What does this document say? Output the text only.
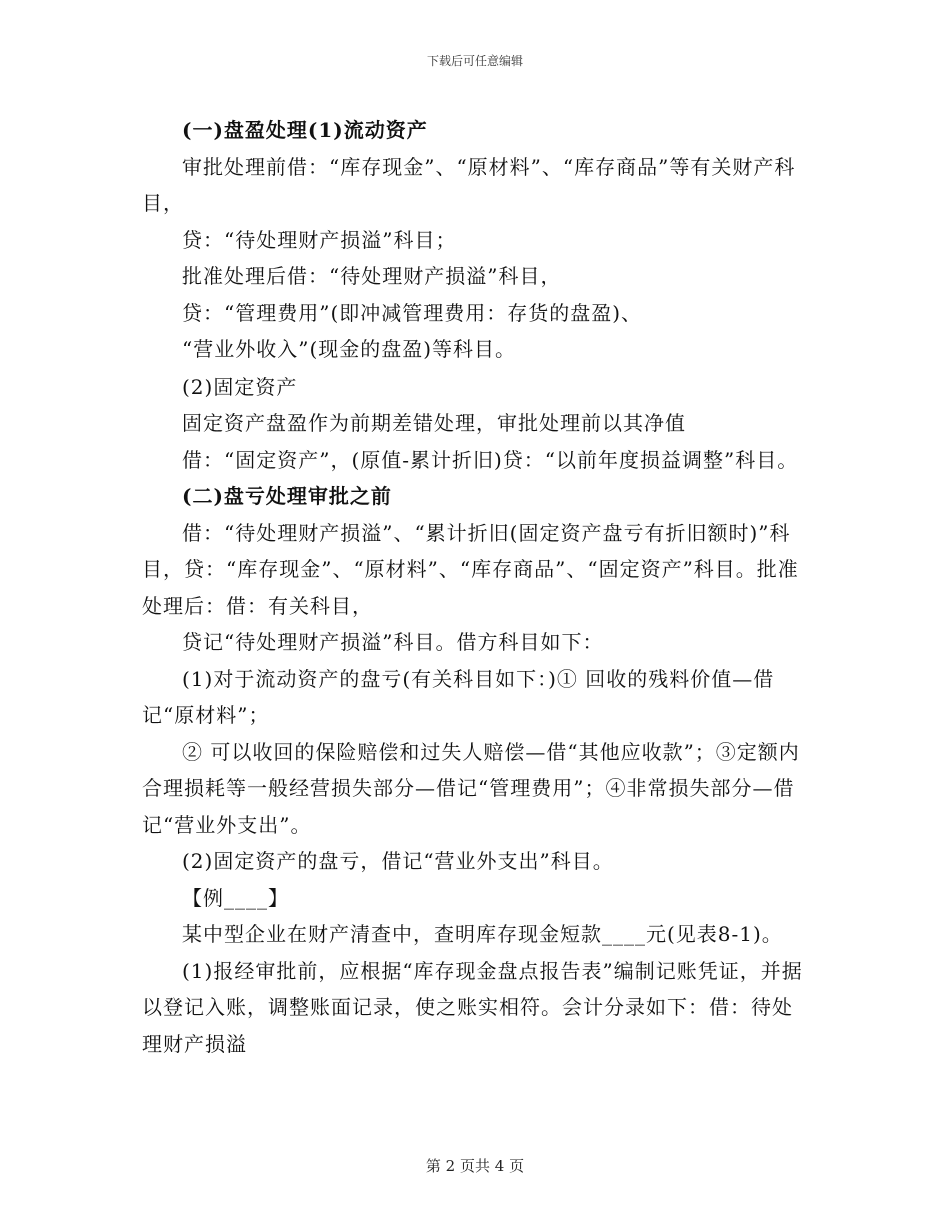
下载后可任意编辑

(一)盘盈处理(1)流动资产

审批处理前借：“库存现金”、“原材料”、“库存商品”等有关财产科目，

贷：“待处理财产损溢”科目；

批准处理后借：“待处理财产损溢”科目，

贷：“管理费用”(即冲减管理费用：存货的盘盈)、

“营业外收入”(现金的盘盈)等科目。

(2)固定资产

固定资产盘盈作为前期差错处理，审批处理前以其净值

借：“固定资产”，(原值-累计折旧)贷：“以前年度损益调整”科目。

(二)盘亏处理审批之前

借：“待处理财产损溢”、“累计折旧(固定资产盘亏有折旧额时)”科目，贷：“库存现金”、“原材料”、“库存商品”、“固定资产”科目。批准处理后：借：有关科目，

贷记“待处理财产损溢”科目。借方科目如下：

(1)对于流动资产的盘亏(有关科目如下：)① 回收的残料价值—借记“原材料”；

② 可以收回的保险赔偿和过失人赔偿—借“其他应收款”；③定额内合理损耗等一般经营损失部分—借记“管理费用”；④非常损失部分—借记“营业外支出”。

(2)固定资产的盘亏，借记“营业外支出”科目。

【例____】

某中型企业在财产清查中，查明库存现金短款____元(见表8-1)。

(1)报经审批前，应根据“库存现金盘点报告表”编制记账凭证，并据以登记入账，调整账面记录，使之账实相符。会计分录如下：借：待处理财产损溢

第 2 页共 4 页
